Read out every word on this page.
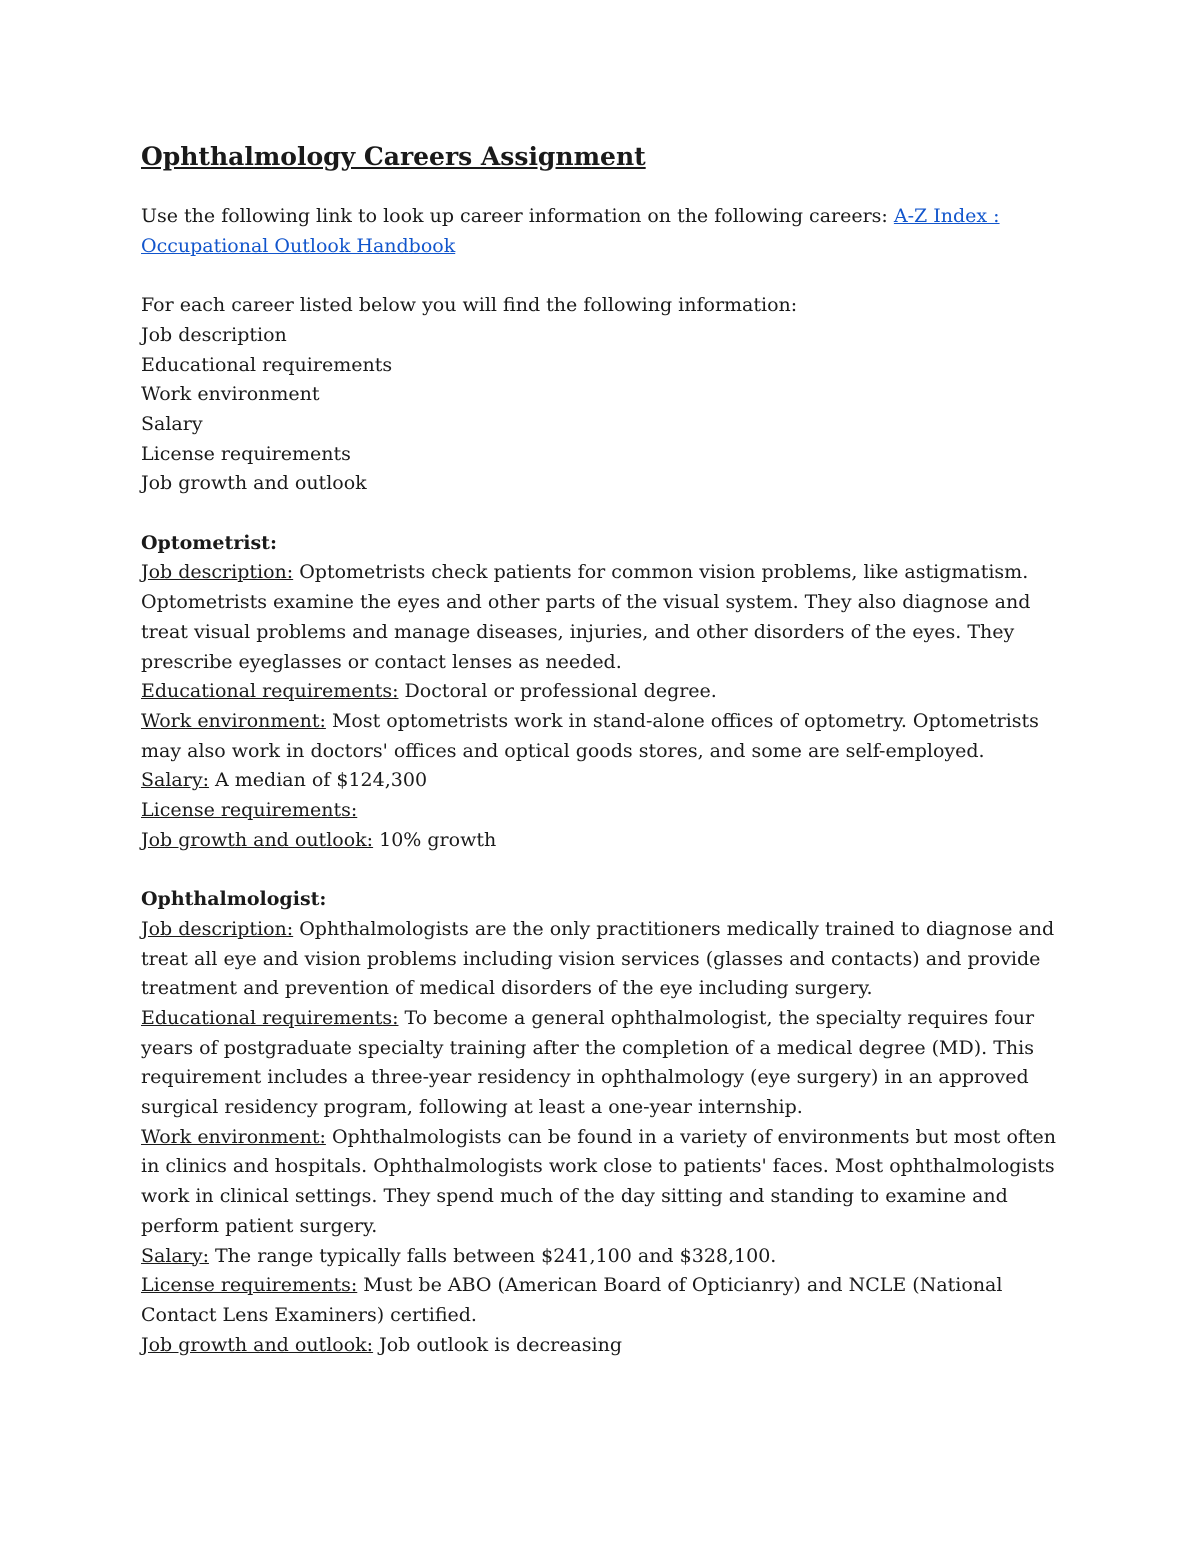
Ophthalmology Careers Assignment

Use the following link to look up career information on the following careers: A-Z Index : Occupational Outlook Handbook

For each career listed below you will find the following information:

Job description
Educational requirements
Work environment
Salary
License requirements
Job growth and outlook

Optometrist:

Job description: Optometrists check patients for common vision problems, like astigmatism. Optometrists examine the eyes and other parts of the visual system. They also diagnose and treat visual problems and manage diseases, injuries, and other disorders of the eyes. They prescribe eyeglasses or contact lenses as needed.

Educational requirements: Doctoral or professional degree.

Work environment: Most optometrists work in stand-alone offices of optometry. Optometrists may also work in doctors' offices and optical goods stores, and some are self-employed.

Salary: A median of $124,300

License requirements:

Job growth and outlook: 10% growth

Ophthalmologist:

Job description: Ophthalmologists are the only practitioners medically trained to diagnose and treat all eye and vision problems including vision services (glasses and contacts) and provide treatment and prevention of medical disorders of the eye including surgery.

Educational requirements: To become a general ophthalmologist, the specialty requires four years of postgraduate specialty training after the completion of a medical degree (MD). This requirement includes a three-year residency in ophthalmology (eye surgery) in an approved surgical residency program, following at least a one-year internship.

Work environment: Ophthalmologists can be found in a variety of environments but most often in clinics and hospitals. Ophthalmologists work close to patients' faces. Most ophthalmologists work in clinical settings. They spend much of the day sitting and standing to examine and perform patient surgery.

Salary: The range typically falls between $241,100 and $328,100.

License requirements: Must be ABO (American Board of Opticianry) and NCLE (National Contact Lens Examiners) certified.

Job growth and outlook: Job outlook is decreasing
